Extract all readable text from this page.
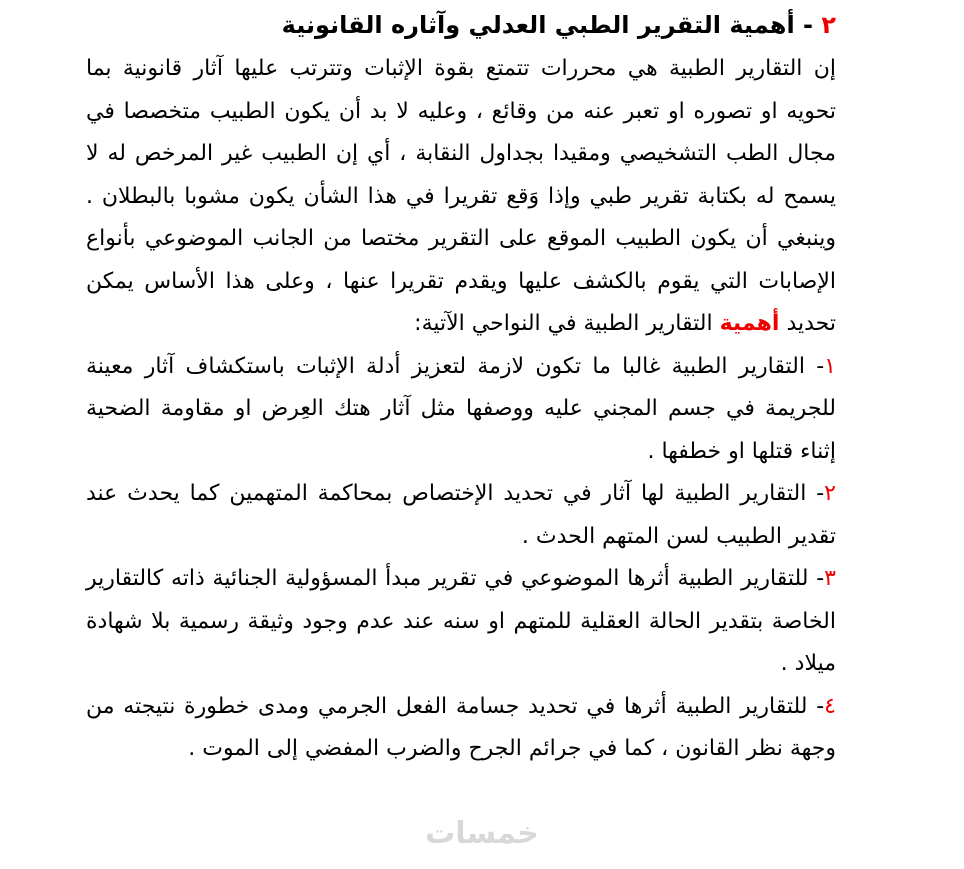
٢ - أهمية التقرير الطبي العدلي وآثاره القانونية

إن التقارير الطبية هي محررات تتمتع بقوة الإثبات وتترتب عليها آثار قانونية بما تحويه او تصوره او تعبر عنه من وقائع ، وعليه لا بد أن يكون الطبيب متخصصا في مجال الطب التشخيصي ومقيدا بجداول النقابة ، أي إن الطبيب غير المرخص له لا يسمح له بكتابة تقرير طبي وإذا وَقع تقريرا في هذا الشأن يكون مشوبا بالبطلان . وينبغي أن يكون الطبيب الموقع على التقرير مختصا من الجانب الموضوعي بأنواع الإصابات التي يقوم بالكشف عليها ويقدم تقريرا عنها ، وعلى هذا الأساس يمكن تحديد أهمية التقارير الطبية في النواحي الآتية:

١- التقارير الطبية غالبا ما تكون لازمة لتعزيز أدلة الإثبات باستكشاف آثار معينة للجريمة في جسم المجني عليه ووصفها مثل آثار هتك العِرض او مقاومة الضحية إثناء قتلها او خطفها .

٢- التقارير الطبية لها آثار في تحديد الإختصاص بمحاكمة المتهمين كما يحدث عند تقدير الطبيب لسن المتهم الحدث .

٣- للتقارير الطبية أثرها الموضوعي في تقرير مبدأ المسؤولية الجنائية ذاته كالتقارير الخاصة بتقدير الحالة العقلية للمتهم او سنه عند عدم وجود وثيقة رسمية بلا شهادة ميلاد .

٤- للتقارير الطبية أثرها في تحديد جسامة الفعل الجرمي ومدى خطورة نتيجته من وجهة نظر القانون ، كما في جرائم الجرح والضرب المفضي إلى الموت .

خمسات
